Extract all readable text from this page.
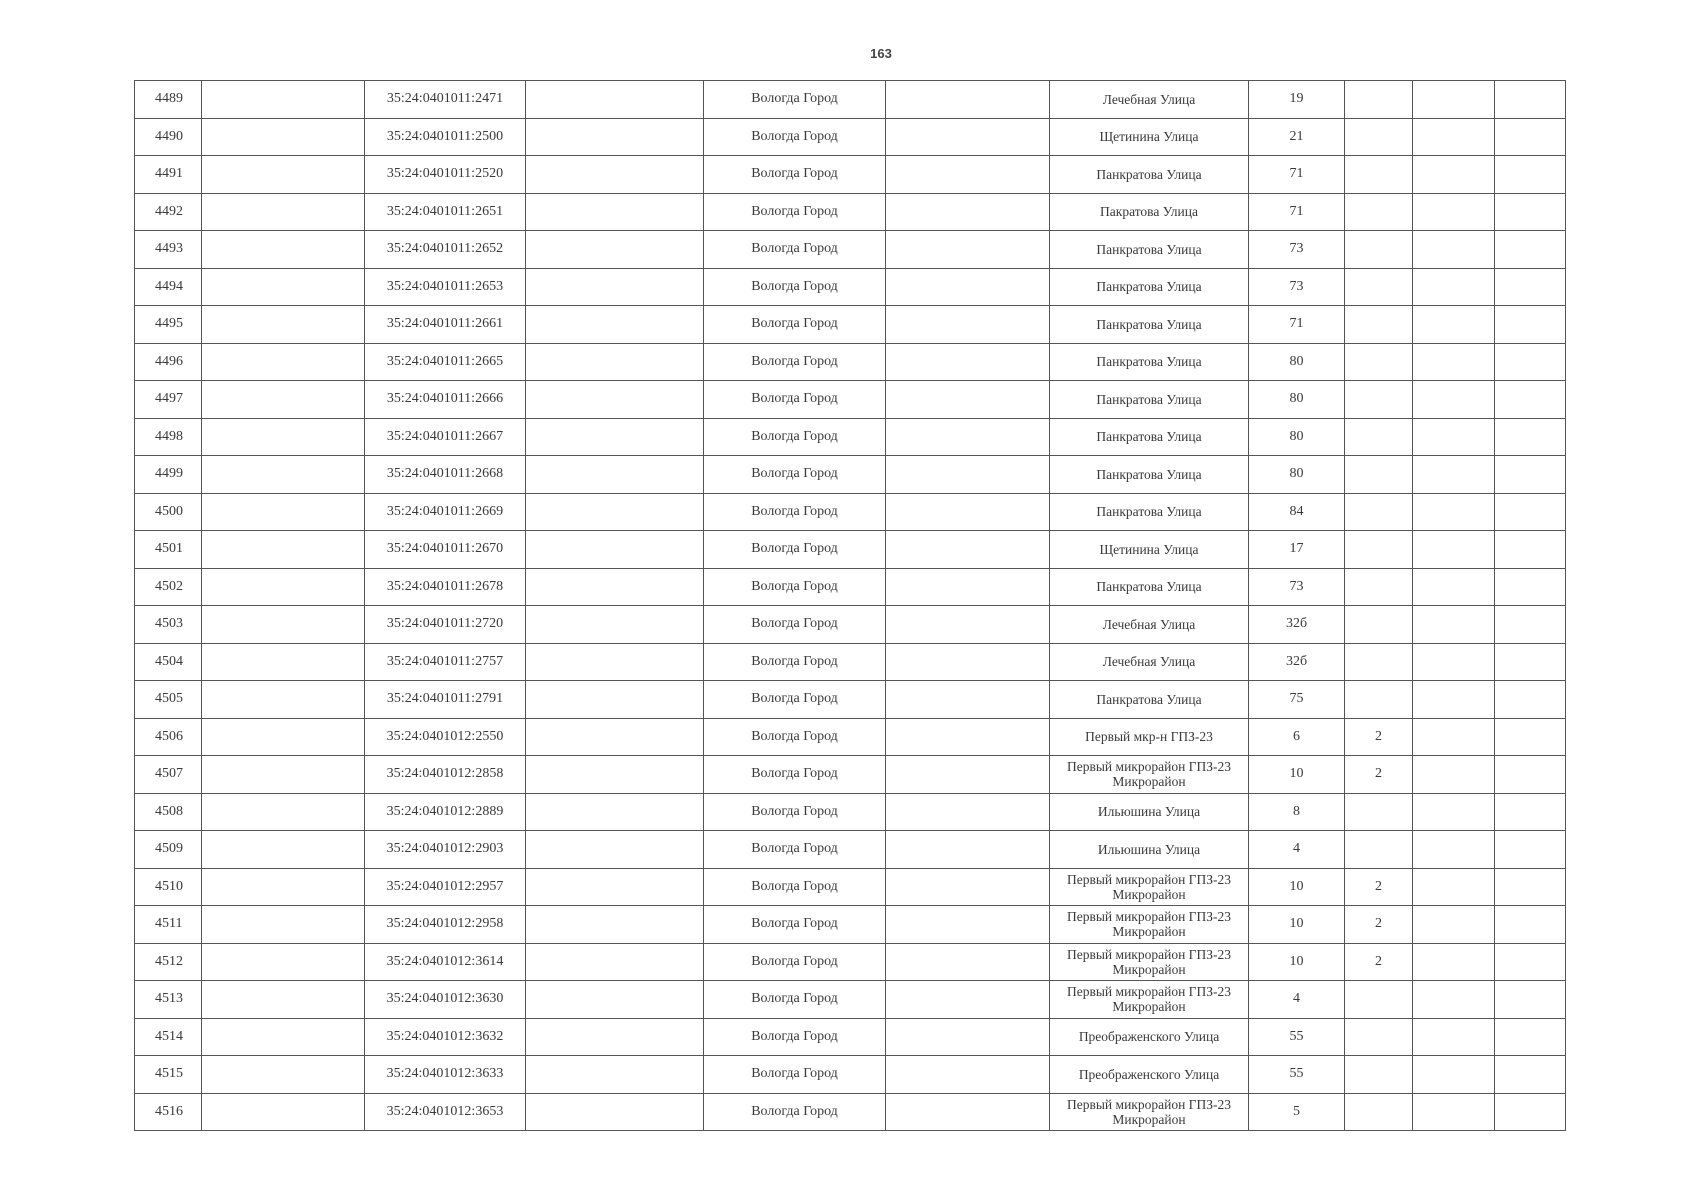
163
4489		35:24:0401011:2471		Вологда Город		Лечебная Улица	19			
4490		35:24:0401011:2500		Вологда Город		Щетинина Улица	21			
4491		35:24:0401011:2520		Вологда Город		Панкратова Улица	71			
4492		35:24:0401011:2651		Вологда Город		Пакратова Улица	71			
4493		35:24:0401011:2652		Вологда Город		Панкратова Улица	73			
4494		35:24:0401011:2653		Вологда Город		Панкратова Улица	73			
4495		35:24:0401011:2661		Вологда Город		Панкратова Улица	71			
4496		35:24:0401011:2665		Вологда Город		Панкратова Улица	80			
4497		35:24:0401011:2666		Вологда Город		Панкратова Улица	80			
4498		35:24:0401011:2667		Вологда Город		Панкратова Улица	80			
4499		35:24:0401011:2668		Вологда Город		Панкратова Улица	80			
4500		35:24:0401011:2669		Вологда Город		Панкратова Улица	84			
4501		35:24:0401011:2670		Вологда Город		Щетинина Улица	17			
4502		35:24:0401011:2678		Вологда Город		Панкратова Улица	73			
4503		35:24:0401011:2720		Вологда Город		Лечебная Улица	32б			
4504		35:24:0401011:2757		Вологда Город		Лечебная Улица	32б			
4505		35:24:0401011:2791		Вологда Город		Панкратова Улица	75			
4506		35:24:0401012:2550		Вологда Город		Первый мкр-н ГПЗ-23	6	2		
4507		35:24:0401012:2858		Вологда Город		Первый микрорайон ГПЗ-23 Микрорайон	10	2		
4508		35:24:0401012:2889		Вологда Город		Ильюшина Улица	8			
4509		35:24:0401012:2903		Вологда Город		Ильюшина Улица	4			
4510		35:24:0401012:2957		Вологда Город		Первый микрорайон ГПЗ-23 Микрорайон	10	2		
4511		35:24:0401012:2958		Вологда Город		Первый микрорайон ГПЗ-23 Микрорайон	10	2		
4512		35:24:0401012:3614		Вологда Город		Первый микрорайон ГПЗ-23 Микрорайон	10	2		
4513		35:24:0401012:3630		Вологда Город		Первый микрорайон ГПЗ-23 Микрорайон	4			
4514		35:24:0401012:3632		Вологда Город		Преображенского Улица	55			
4515		35:24:0401012:3633		Вологда Город		Преображенского Улица	55			
4516		35:24:0401012:3653		Вологда Город		Первый микрорайон ГПЗ-23 Микрорайон	5			
